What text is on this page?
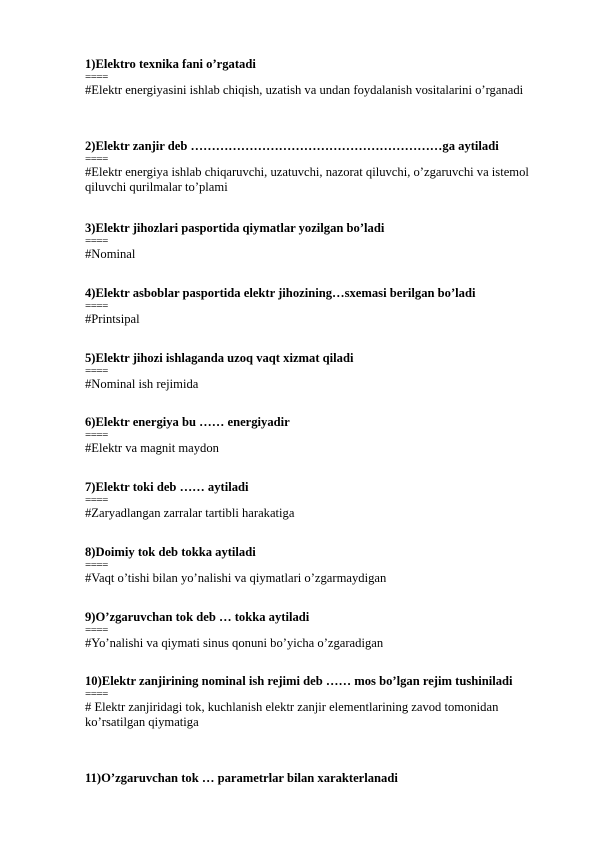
1)Elektro texnika fani o’rgatadi

====

#Elektr energiyasini ishlab chiqish, uzatish va undan foydalanish vositalarini o’rganadi

2)Elektr zanjir deb ……………………………………………………ga aytiladi

====

#Elektr energiya ishlab chiqaruvchi, uzatuvchi, nazorat qiluvchi, o’zgaruvchi va istemol qiluvchi qurilmalar to’plami

3)Elektr jihozlari pasportida qiymatlar yozilgan bo’ladi

====

#Nominal

4)Elektr asboblar pasportida elektr jihozining…sxemasi berilgan bo’ladi

====

#Printsipal

5)Elektr jihozi ishlaganda uzoq vaqt xizmat qiladi

====

#Nominal ish rejimida

6)Elektr energiya bu …… energiyadir

====

#Elektr va magnit maydon

7)Elektr toki deb …… aytiladi

====

#Zaryadlangan zarralar tartibli harakatiga

8)Doimiy tok deb tokka aytiladi

====

#Vaqt o’tishi bilan yo’nalishi va qiymatlari o’zgarmaydigan

9)O’zgaruvchan tok deb … tokka aytiladi

====

#Yo’nalishi va qiymati sinus qonuni bo’yicha o’zgaradigan

10)Elektr zanjirining nominal ish rejimi deb …… mos bo’lgan rejim tushiniladi

====

# Elektr zanjiridagi tok, kuchlanish elektr zanjir elementlarining zavod tomonidan ko’rsatilgan qiymatiga

11)O’zgaruvchan tok … parametrlar bilan xarakterlanadi
